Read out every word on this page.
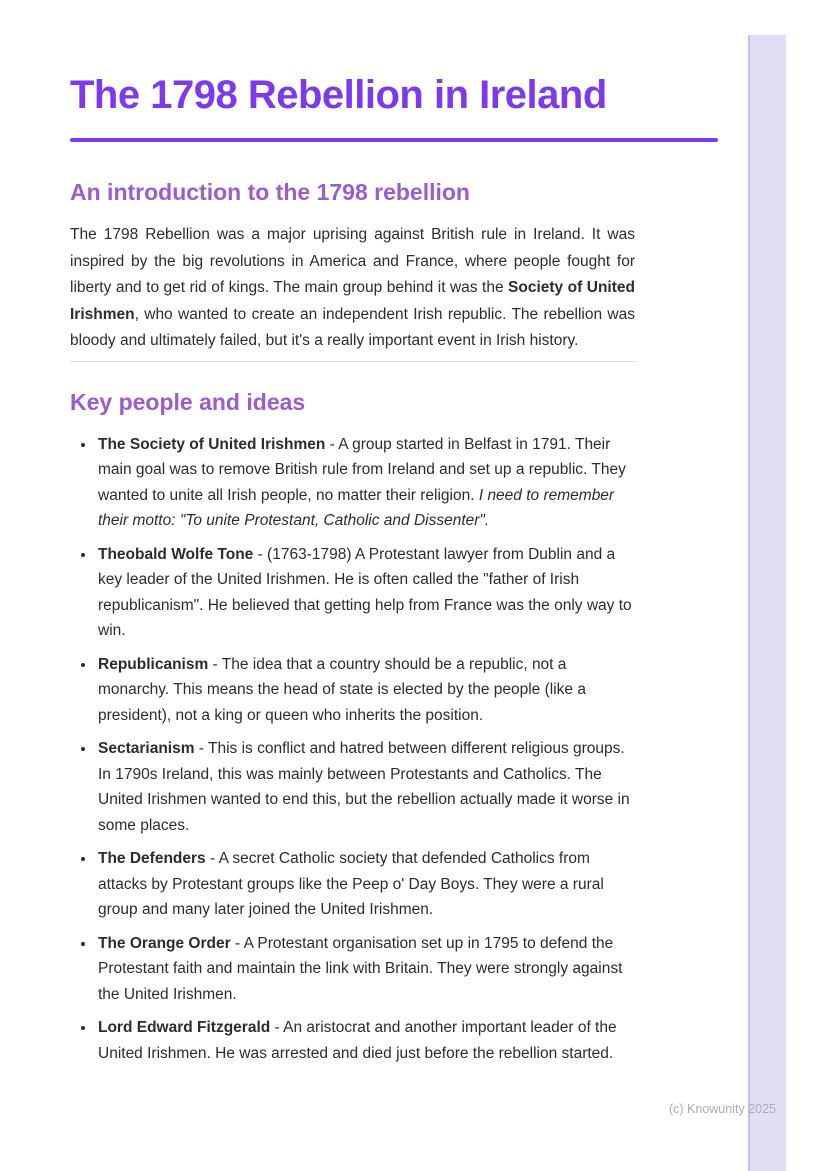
The 1798 Rebellion in Ireland
An introduction to the 1798 rebellion

The 1798 Rebellion was a major uprising against British rule in Ireland. It was inspired by the big revolutions in America and France, where people fought for liberty and to get rid of kings. The main group behind it was the Society of United Irishmen, who wanted to create an independent Irish republic. The rebellion was bloody and ultimately failed, but it's a really important event in Irish history.

Key people and ideas
• The Society of United Irishmen - A group started in Belfast in 1791. Their main goal was to remove British rule from Ireland and set up a republic. They wanted to unite all Irish people, no matter their religion. I need to remember their motto: "To unite Protestant, Catholic and Dissenter".
• Theobald Wolfe Tone - (1763-1798) A Protestant lawyer from Dublin and a key leader of the United Irishmen. He is often called the "father of Irish republicanism". He believed that getting help from France was the only way to win.
• Republicanism - The idea that a country should be a republic, not a monarchy. This means the head of state is elected by the people (like a president), not a king or queen who inherits the position.
• Sectarianism - This is conflict and hatred between different religious groups. In 1790s Ireland, this was mainly between Protestants and Catholics. The United Irishmen wanted to end this, but the rebellion actually made it worse in some places.
• The Defenders - A secret Catholic society that defended Catholics from attacks by Protestant groups like the Peep o' Day Boys. They were a rural group and many later joined the United Irishmen.
• The Orange Order - A Protestant organisation set up in 1795 to defend the Protestant faith and maintain the link with Britain. They were strongly against the United Irishmen.
• Lord Edward Fitzgerald - An aristocrat and another important leader of the United Irishmen. He was arrested and died just before the rebellion started.
(c) Knowunity 2025
